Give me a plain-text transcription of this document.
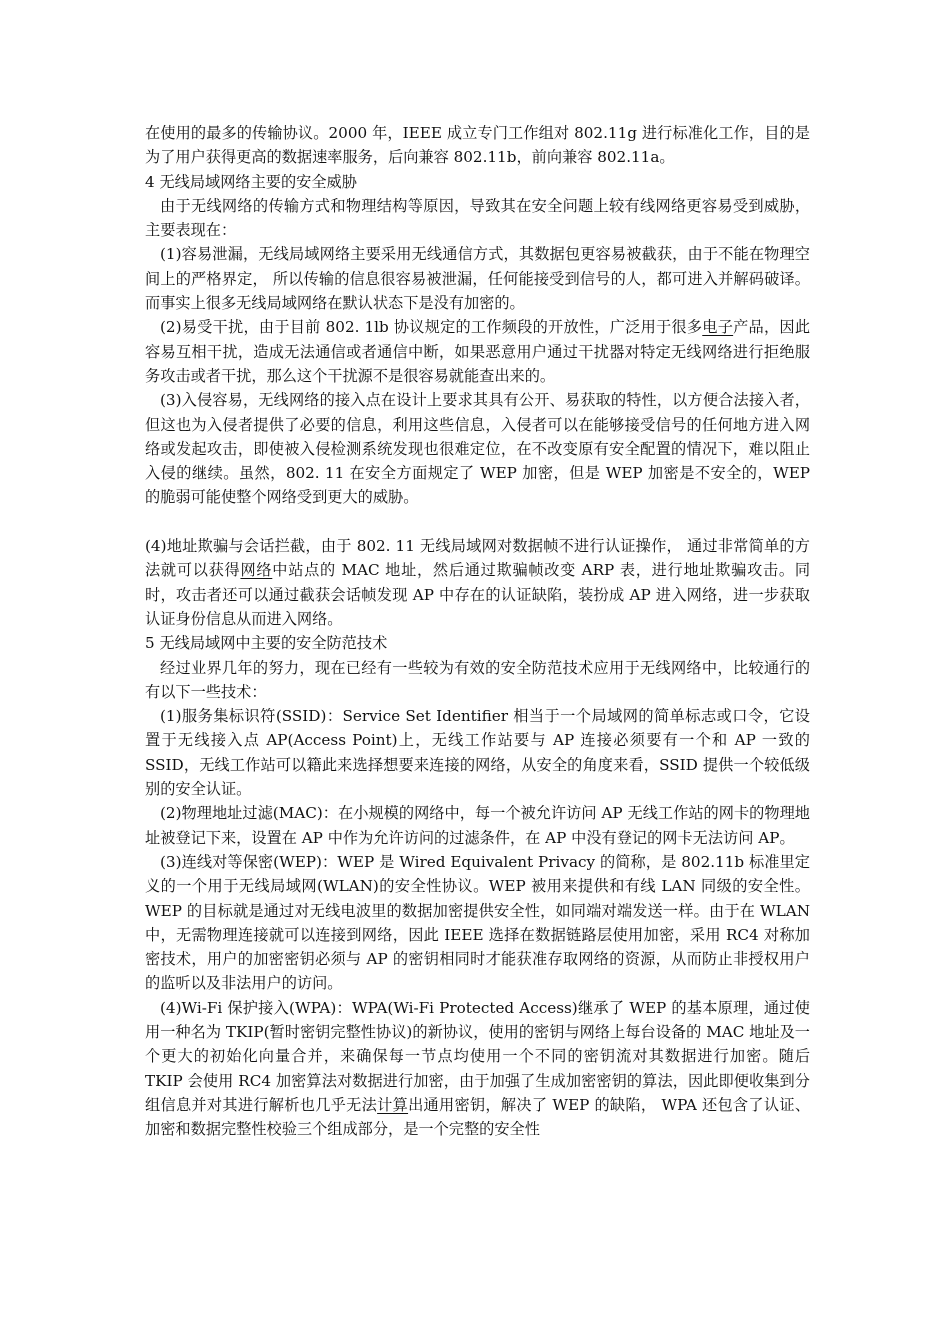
在使用的最多的传输协议。2000 年，IEEE 成立专门工作组对 802.11g 进行标准化工作，目的是为了用户获得更高的数据速率服务，后向兼容 802.11b，前向兼容 802.11a。

4 无线局域网络主要的安全威胁

由于无线网络的传输方式和物理结构等原因，导致其在安全问题上较有线网络更容易受到威胁，主要表现在：

(1)容易泄漏，无线局域网络主要采用无线通信方式，其数据包更容易被截获，由于不能在物理空间上的严格界定， 所以传输的信息很容易被泄漏，任何能接受到信号的人，都可进入并解码破译。而事实上很多无线局域网络在默认状态下是没有加密的。

(2)易受干扰，由于目前 802. 1lb 协议规定的工作频段的开放性，广泛用于很多电子产品，因此容易互相干扰，造成无法通信或者通信中断，如果恶意用户通过干扰器对特定无线网络进行拒绝服务攻击或者干扰，那么这个干扰源不是很容易就能查出来的。

(3)入侵容易，无线网络的接入点在设计上要求其具有公开、易获取的特性，以方便合法接入者，但这也为入侵者提供了必要的信息，利用这些信息，入侵者可以在能够接受信号的任何地方进入网络或发起攻击，即使被入侵检测系统发现也很难定位，在不改变原有安全配置的情况下，难以阻止入侵的继续。虽然，802. 11 在安全方面规定了 WEP 加密，但是 WEP 加密是不安全的，WEP 的脆弱可能使整个网络受到更大的威胁。

(4)地址欺骗与会话拦截，由于 802. 11 无线局域网对数据帧不进行认证操作， 通过非常简单的方法就可以获得网络中站点的 MAC 地址，然后通过欺骗帧改变 ARP 表，进行地址欺骗攻击。同时，攻击者还可以通过截获会话帧发现 AP 中存在的认证缺陷，装扮成 AP 进入网络，进一步获取认证身份信息从而进入网络。

5 无线局域网中主要的安全防范技术

经过业界几年的努力，现在已经有一些较为有效的安全防范技术应用于无线网络中，比较通行的有以下一些技术：

(1)服务集标识符(SSID)：Service Set Identifier 相当于一个局域网的简单标志或口令，它设置于无线接入点 AP(Access Point)上，无线工作站要与 AP 连接必须要有一个和 AP 一致的 SSID，无线工作站可以籍此来选择想要来连接的网络，从安全的角度来看，SSID 提供一个较低级别的安全认证。

(2)物理地址过滤(MAC)：在小规模的网络中，每一个被允许访问 AP 无线工作站的网卡的物理地址被登记下来，设置在 AP 中作为允许访问的过滤条件，在 AP 中没有登记的网卡无法访问 AP。

(3)连线对等保密(WEP)：WEP 是 Wired Equivalent Privacy 的简称，是 802.11b 标准里定义的一个用于无线局域网(WLAN)的安全性协议。WEP 被用来提供和有线 LAN 同级的安全性。WEP 的目标就是通过对无线电波里的数据加密提供安全性，如同端对端发送一样。由于在 WLAN 中，无需物理连接就可以连接到网络，因此 IEEE 选择在数据链路层使用加密，采用 RC4 对称加密技术，用户的加密密钥必须与 AP 的密钥相同时才能获准存取网络的资源，从而防止非授权用户的监听以及非法用户的访问。

(4)Wi-Fi 保护接入(WPA)：WPA(Wi-Fi Protected Access)继承了 WEP 的基本原理，通过使用一种名为 TKIP(暂时密钥完整性协议)的新协议，使用的密钥与网络上每台设备的 MAC 地址及一个更大的初始化向量合并，来确保每一节点均使用一个不同的密钥流对其数据进行加密。随后 TKIP 会使用 RC4 加密算法对数据进行加密，由于加强了生成加密密钥的算法，因此即便收集到分组信息并对其进行解析也几乎无法计算出通用密钥，解决了 WEP 的缺陷， WPA 还包含了认证、加密和数据完整性校验三个组成部分，是一个完整的安全性
